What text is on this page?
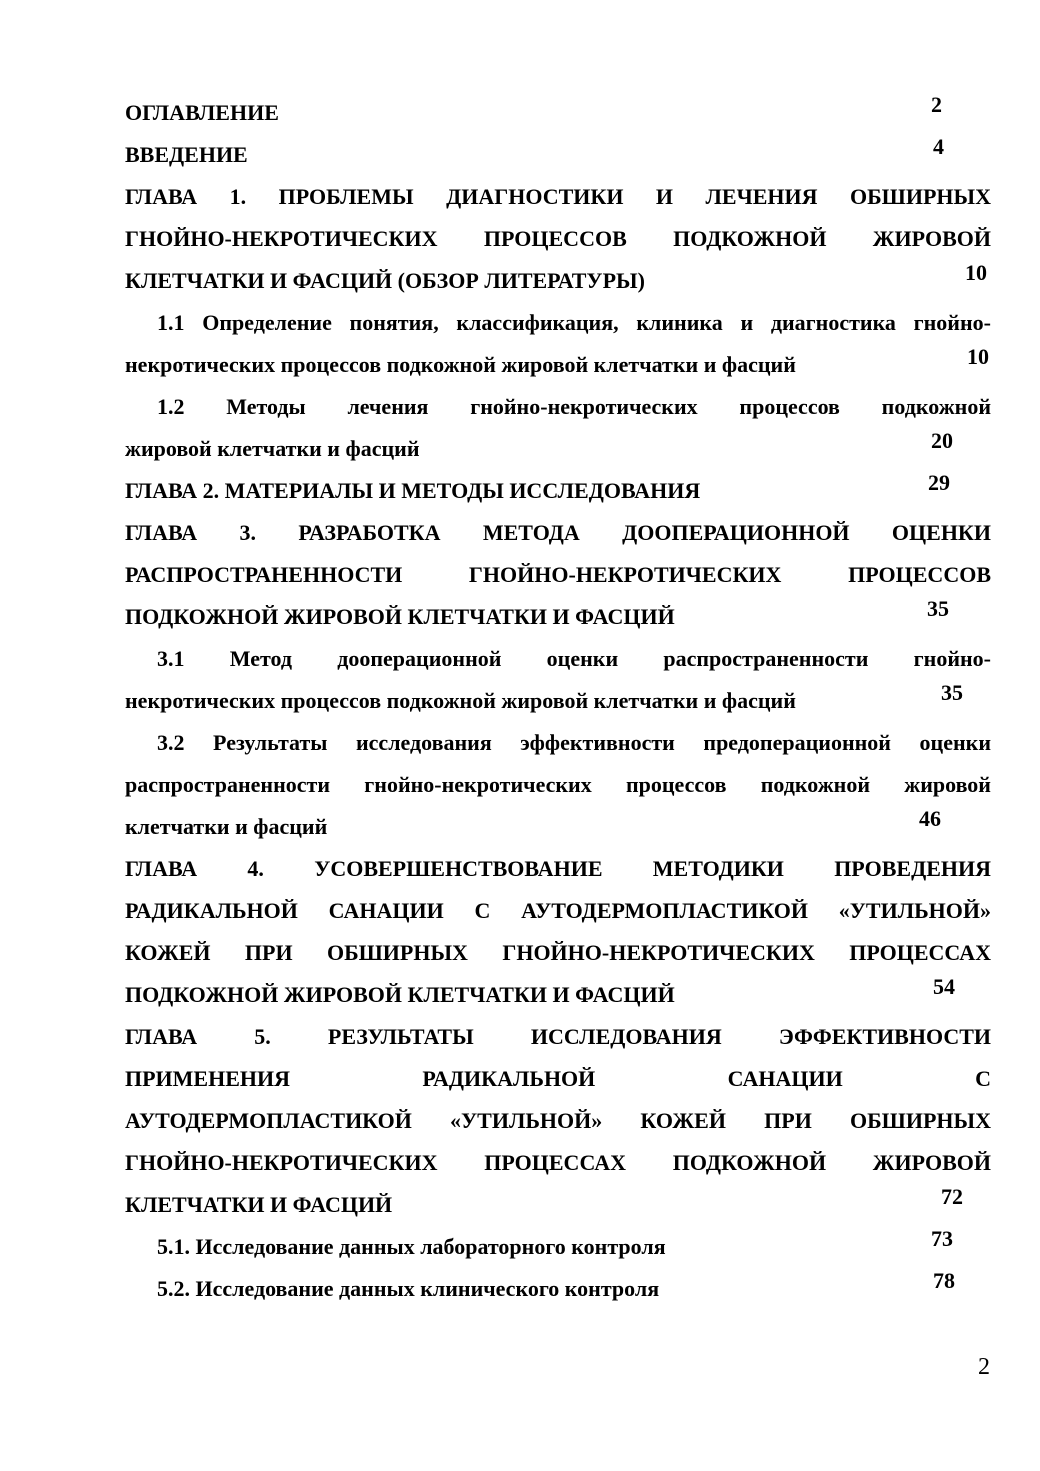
ОГЛАВЛЕНИЕ	2
ВВЕДЕНИЕ	4
ГЛАВА 1. ПРОБЛЕМЫ ДИАГНОСТИКИ И ЛЕЧЕНИЯ ОБШИРНЫХ
ГНОЙНО-НЕКРОТИЧЕСКИХ ПРОЦЕССОВ ПОДКОЖНОЙ ЖИРОВОЙ
КЛЕТЧАТКИ И ФАСЦИЙ (ОБЗОР ЛИТЕРАТУРЫ)	10
1.1 Определение понятия, классификация, клиника и диагностика гнойно-
некротических процессов подкожной жировой клетчатки и фасций	10
1.2 Методы лечения гнойно-некротических процессов подкожной
жировой клетчатки и фасций	20
ГЛАВА 2. МАТЕРИАЛЫ И МЕТОДЫ ИССЛЕДОВАНИЯ	29
ГЛАВА 3. РАЗРАБОТКА МЕТОДА ДООПЕРАЦИОННОЙ ОЦЕНКИ
РАСПРОСТРАНЕННОСТИ ГНОЙНО-НЕКРОТИЧЕСКИХ ПРОЦЕССОВ
ПОДКОЖНОЙ ЖИРОВОЙ КЛЕТЧАТКИ И ФАСЦИЙ	35
3.1 Метод дооперационной оценки распространенности гнойно-
некротических процессов подкожной жировой клетчатки и фасций	35
3.2 Результаты исследования эффективности предоперационной оценки
распространенности гнойно-некротических процессов подкожной жировой
клетчатки и фасций	46
ГЛАВА 4. УСОВЕРШЕНСТВОВАНИЕ МЕТОДИКИ ПРОВЕДЕНИЯ
РАДИКАЛЬНОЙ САНАЦИИ С АУТОДЕРМОПЛАСТИКОЙ «УТИЛЬНОЙ»
КОЖЕЙ ПРИ ОБШИРНЫХ ГНОЙНО-НЕКРОТИЧЕСКИХ ПРОЦЕССАХ
ПОДКОЖНОЙ ЖИРОВОЙ КЛЕТЧАТКИ И ФАСЦИЙ	54
ГЛАВА 5. РЕЗУЛЬТАТЫ ИССЛЕДОВАНИЯ ЭФФЕКТИВНОСТИ
ПРИМЕНЕНИЯ РАДИКАЛЬНОЙ САНАЦИИ С
АУТОДЕРМОПЛАСТИКОЙ «УТИЛЬНОЙ» КОЖЕЙ ПРИ ОБШИРНЫХ
ГНОЙНО-НЕКРОТИЧЕСКИХ ПРОЦЕССАХ ПОДКОЖНОЙ ЖИРОВОЙ
КЛЕТЧАТКИ И ФАСЦИЙ	72
5.1. Исследование данных лабораторного контроля	73
5.2. Исследование данных клинического контроля	78
2
